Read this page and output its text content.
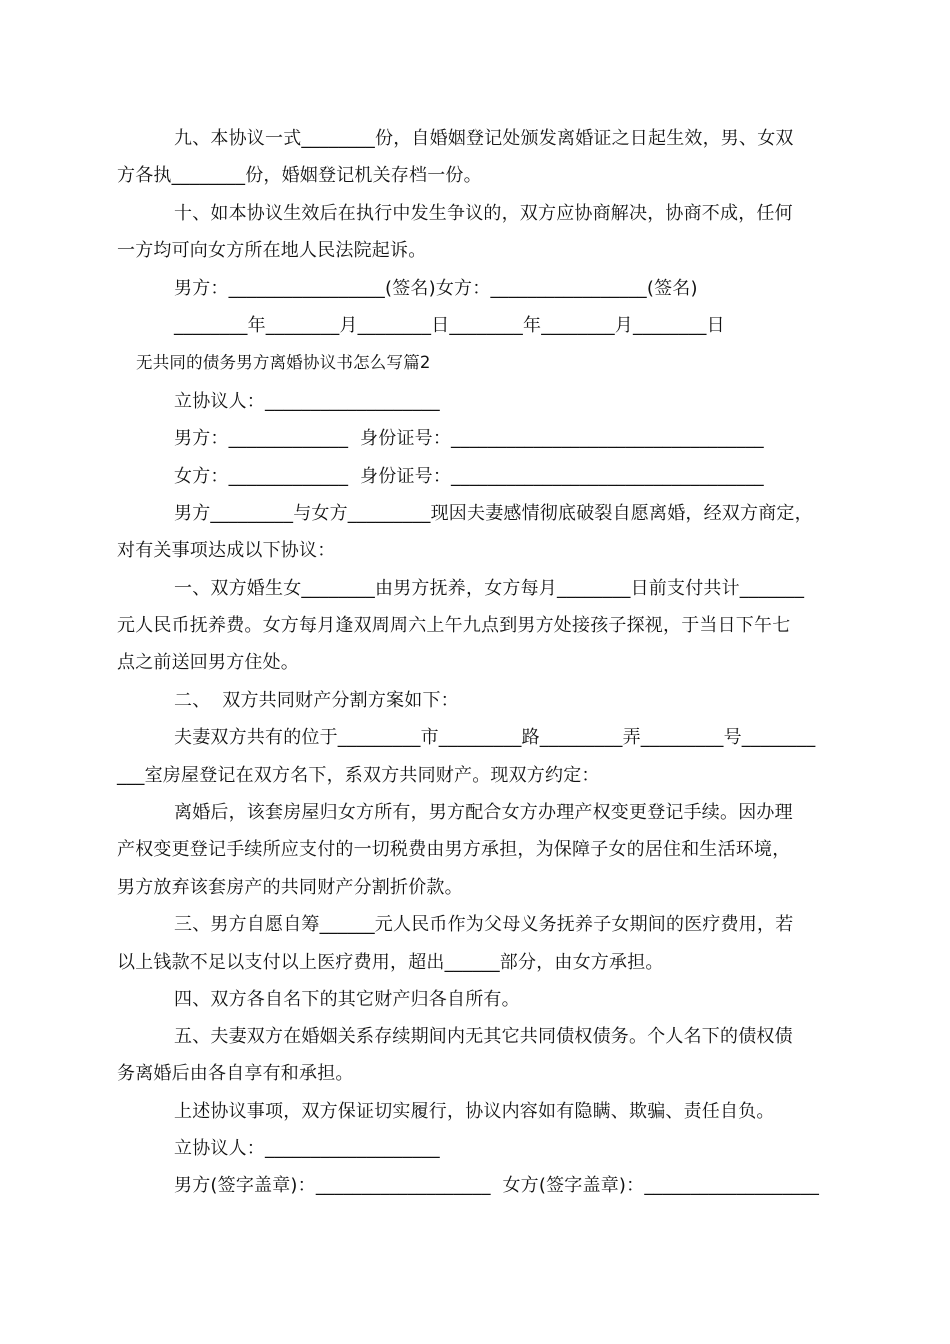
九、本协议一式________份，自婚姻登记处颁发离婚证之日起生效，男、女双
方各执________份，婚姻登记机关存档一份。
十、如本协议生效后在执行中发生争议的，双方应协商解决，协商不成，任何
一方均可向女方所在地人民法院起诉。
男方：_________________(签名)女方：_________________(签名)
________年________月________日________年________月________日
无共同的债务男方离婚协议书怎么写篇2
立协议人：___________________
男方：_____________  身份证号：__________________________________
女方：_____________  身份证号：__________________________________
男方_________与女方_________现因夫妻感情彻底破裂自愿离婚，经双方商定，
对有关事项达成以下协议：
一、双方婚生女________由男方抚养，女方每月________日前支付共计_______
元人民币抚养费。女方每月逢双周周六上午九点到男方处接孩子探视，于当日下午七
点之前送回男方住处。
二、  双方共同财产分割方案如下：
夫妻双方共有的位于_________市_________路_________弄_________号________
___室房屋登记在双方名下，系双方共同财产。现双方约定：
离婚后，该套房屋归女方所有，男方配合女方办理产权变更登记手续。因办理
产权变更登记手续所应支付的一切税费由男方承担，为保障子女的居住和生活环境，
男方放弃该套房产的共同财产分割折价款。
三、男方自愿自筹______元人民币作为父母义务抚养子女期间的医疗费用，若
以上钱款不足以支付以上医疗费用，超出______部分，由女方承担。
四、双方各自名下的其它财产归各自所有。
五、夫妻双方在婚姻关系存续期间内无其它共同债权债务。个人名下的债权债
务离婚后由各自享有和承担。
上述协议事项，双方保证切实履行，协议内容如有隐瞒、欺骗、责任自负。
立协议人：___________________
男方(签字盖章)：___________________  女方(签字盖章)：___________________
